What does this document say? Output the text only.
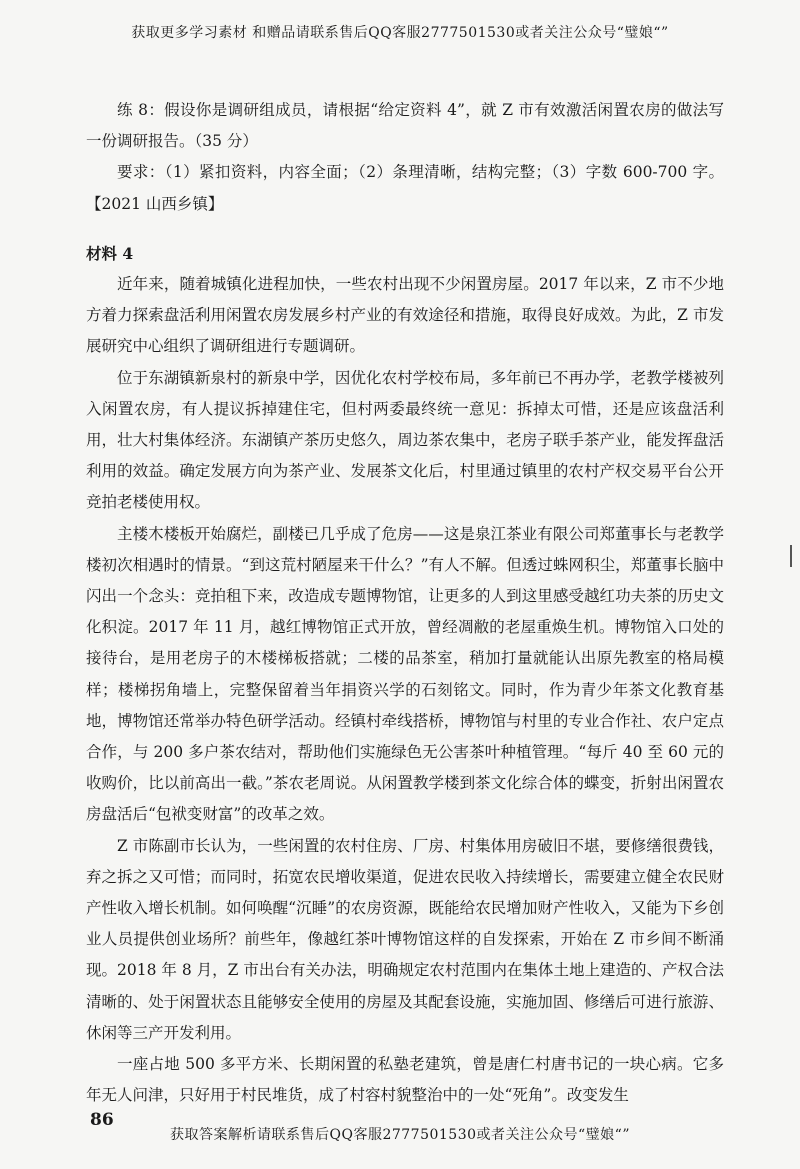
获取更多学习素材 和赠品请联系售后QQ客服2777501530或者关注公众号“璧娘“”

练 8：假设你是调研组成员，请根据“给定资料 4”，就 Z 市有效激活闲置农房的做法写一份调研报告。（35 分）

要求：（1）紧扣资料，内容全面；（2）条理清晰，结构完整；（3）字数 600-700 字。【2021 山西乡镇】

材料 4

近年来，随着城镇化进程加快，一些农村出现不少闲置房屋。2017 年以来，Z 市不少地方着力探索盘活利用闲置农房发展乡村产业的有效途径和措施，取得良好成效。为此，Z 市发展研究中心组织了调研组进行专题调研。

位于东湖镇新泉村的新泉中学，因优化农村学校布局，多年前已不再办学，老教学楼被列入闲置农房，有人提议拆掉建住宅，但村两委最终统一意见：拆掉太可惜，还是应该盘活利用，壮大村集体经济。东湖镇产茶历史悠久，周边茶农集中，老房子联手茶产业，能发挥盘活利用的效益。确定发展方向为茶产业、发展茶文化后，村里通过镇里的农村产权交易平台公开竞拍老楼使用权。

主楼木楼板开始腐烂，副楼已几乎成了危房——这是泉江茶业有限公司郑董事长与老教学楼初次相遇时的情景。“到这荒村陋屋来干什么？”有人不解。但透过蛛网积尘，郑董事长脑中闪出一个念头：竞拍租下来，改造成专题博物馆，让更多的人到这里感受越红功夫茶的历史文化积淀。2017 年 11 月，越红博物馆正式开放，曾经凋敝的老屋重焕生机。博物馆入口处的接待台，是用老房子的木楼梯板搭就；二楼的品茶室，稍加打量就能认出原先教室的格局模样；楼梯拐角墙上，完整保留着当年捐资兴学的石刻铭文。同时，作为青少年茶文化教育基地，博物馆还常举办特色研学活动。经镇村牵线搭桥，博物馆与村里的专业合作社、农户定点合作，与 200 多户茶农结对，帮助他们实施绿色无公害茶叶种植管理。“每斤 40 至 60 元的收购价，比以前高出一截。”茶农老周说。从闲置教学楼到茶文化综合体的蝶变，折射出闲置农房盘活后“包袱变财富”的改革之效。

Z 市陈副市长认为，一些闲置的农村住房、厂房、村集体用房破旧不堪，要修缮很费钱，弃之拆之又可惜；而同时，拓宽农民增收渠道，促进农民收入持续增长，需要建立健全农民财产性收入增长机制。如何唤醒“沉睡”的农房资源，既能给农民增加财产性收入，又能为下乡创业人员提供创业场所？前些年，像越红茶叶博物馆这样的自发探索，开始在 Z 市乡间不断涌现。2018 年 8 月，Z 市出台有关办法，明确规定农村范围内在集体土地上建造的、产权合法清晰的、处于闲置状态且能够安全使用的房屋及其配套设施，实施加固、修缮后可进行旅游、休闲等三产开发利用。

一座占地 500 多平方米、长期闲置的私塾老建筑，曾是唐仁村唐书记的一块心病。它多年无人问津，只好用于村民堆货，成了村容村貌整治中的一处“死角”。改变发生

86
获取答案解析请联系售后QQ客服2777501530或者关注公众号“璧娘“”
